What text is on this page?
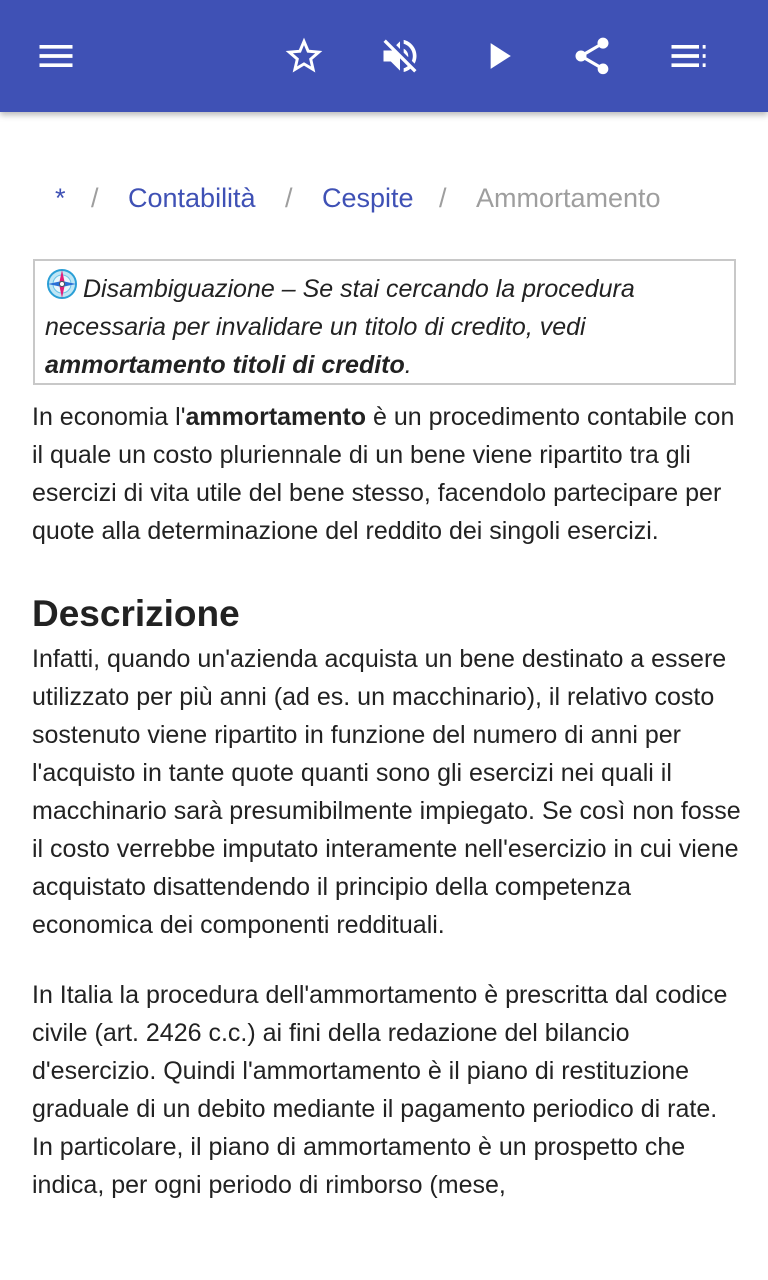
* / Contabilità / Cespite / Ammortamento
Disambiguazione – Se stai cercando la procedura necessaria per invalidare un titolo di credito, vedi ammortamento titoli di credito.

In economia l'ammortamento è un procedimento contabile con il quale un costo pluriennale di un bene viene ripartito tra gli esercizi di vita utile del bene stesso, facendolo partecipare per quote alla determinazione del reddito dei singoli esercizi.

Descrizione

Infatti, quando un'azienda acquista un bene destinato a essere utilizzato per più anni (ad es. un macchinario), il relativo costo sostenuto viene ripartito in funzione del numero di anni per l'acquisto in tante quote quanti sono gli esercizi nei quali il macchinario sarà presumibilmente impiegato. Se così non fosse il costo verrebbe imputato interamente nell'esercizio in cui viene acquistato disattendendo il principio della competenza economica dei componenti reddituali.

In Italia la procedura dell'ammortamento è prescritta dal codice civile (art. 2426 c.c.) ai fini della redazione del bilancio d'esercizio. Quindi l'ammortamento è il piano di restituzione graduale di un debito mediante il pagamento periodico di rate. In particolare, il piano di ammortamento è un prospetto che indica, per ogni periodo di rimborso (mese,
